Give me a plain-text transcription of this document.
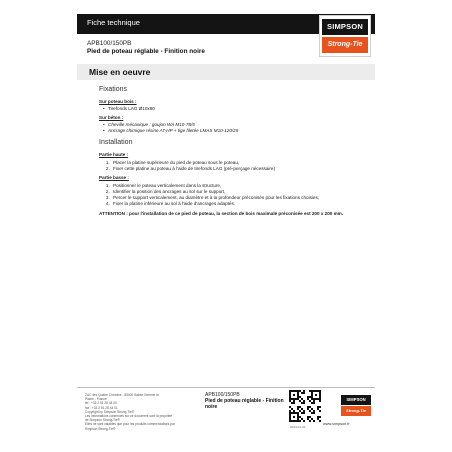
Fiche technique	SIMPSON
Strong-Tie
APB100/150PB
Pied de poteau réglable - Finition noire
Mise en oeuvre
Fixations
Sur poteau bois :
• Tirefonds LAG Ø10x80
Sur béton :
• Cheville mécanique : goujon WA M10-78/5
• Ancrage chimique résine AT-HP + tige filetée LMAS M10-120/25
Installation
Partie haute :
1. Placer la platine supérieure du pied de poteau sous le poteau,
2. Fixer cette platine au poteau à l'aide de tirefonds LAG (pré-perçage nécessaire)
Partie basse :
1. Positionner le poteau verticalement dans la structure,
2. Identifier la position des ancrages au sol sur le support,
3. Percer le support verticalement, au diamètre et à la profondeur préconisés pour les fixations choisies,
4. Fixer la platine inférieure au sol à l'aide d'ancrages adaptés.
ATTENTION : pour l'installation de ce pied de poteau, la section de bois maximale préconisée est 200 x 200 mm.
ZAC des Quatre Chemins - 85400 Sainte Gemme la
Plaine - France
tél : +33 2 51 28 44 00
fax : +33 2 51 28 44 01
Copyright by Simpson Strong-Tie®
Les informations contenues sur ce document sont la propriété de Simpson Strong-Tie®
Elles ne sont valables que pour les produits commercialisés par Simpson Strong-Tie®
APB100/150PB
Pied de poteau réglable - Finition noire
SIMPSON
Strong-Tie
www.simpson.fr
2024-01-31
